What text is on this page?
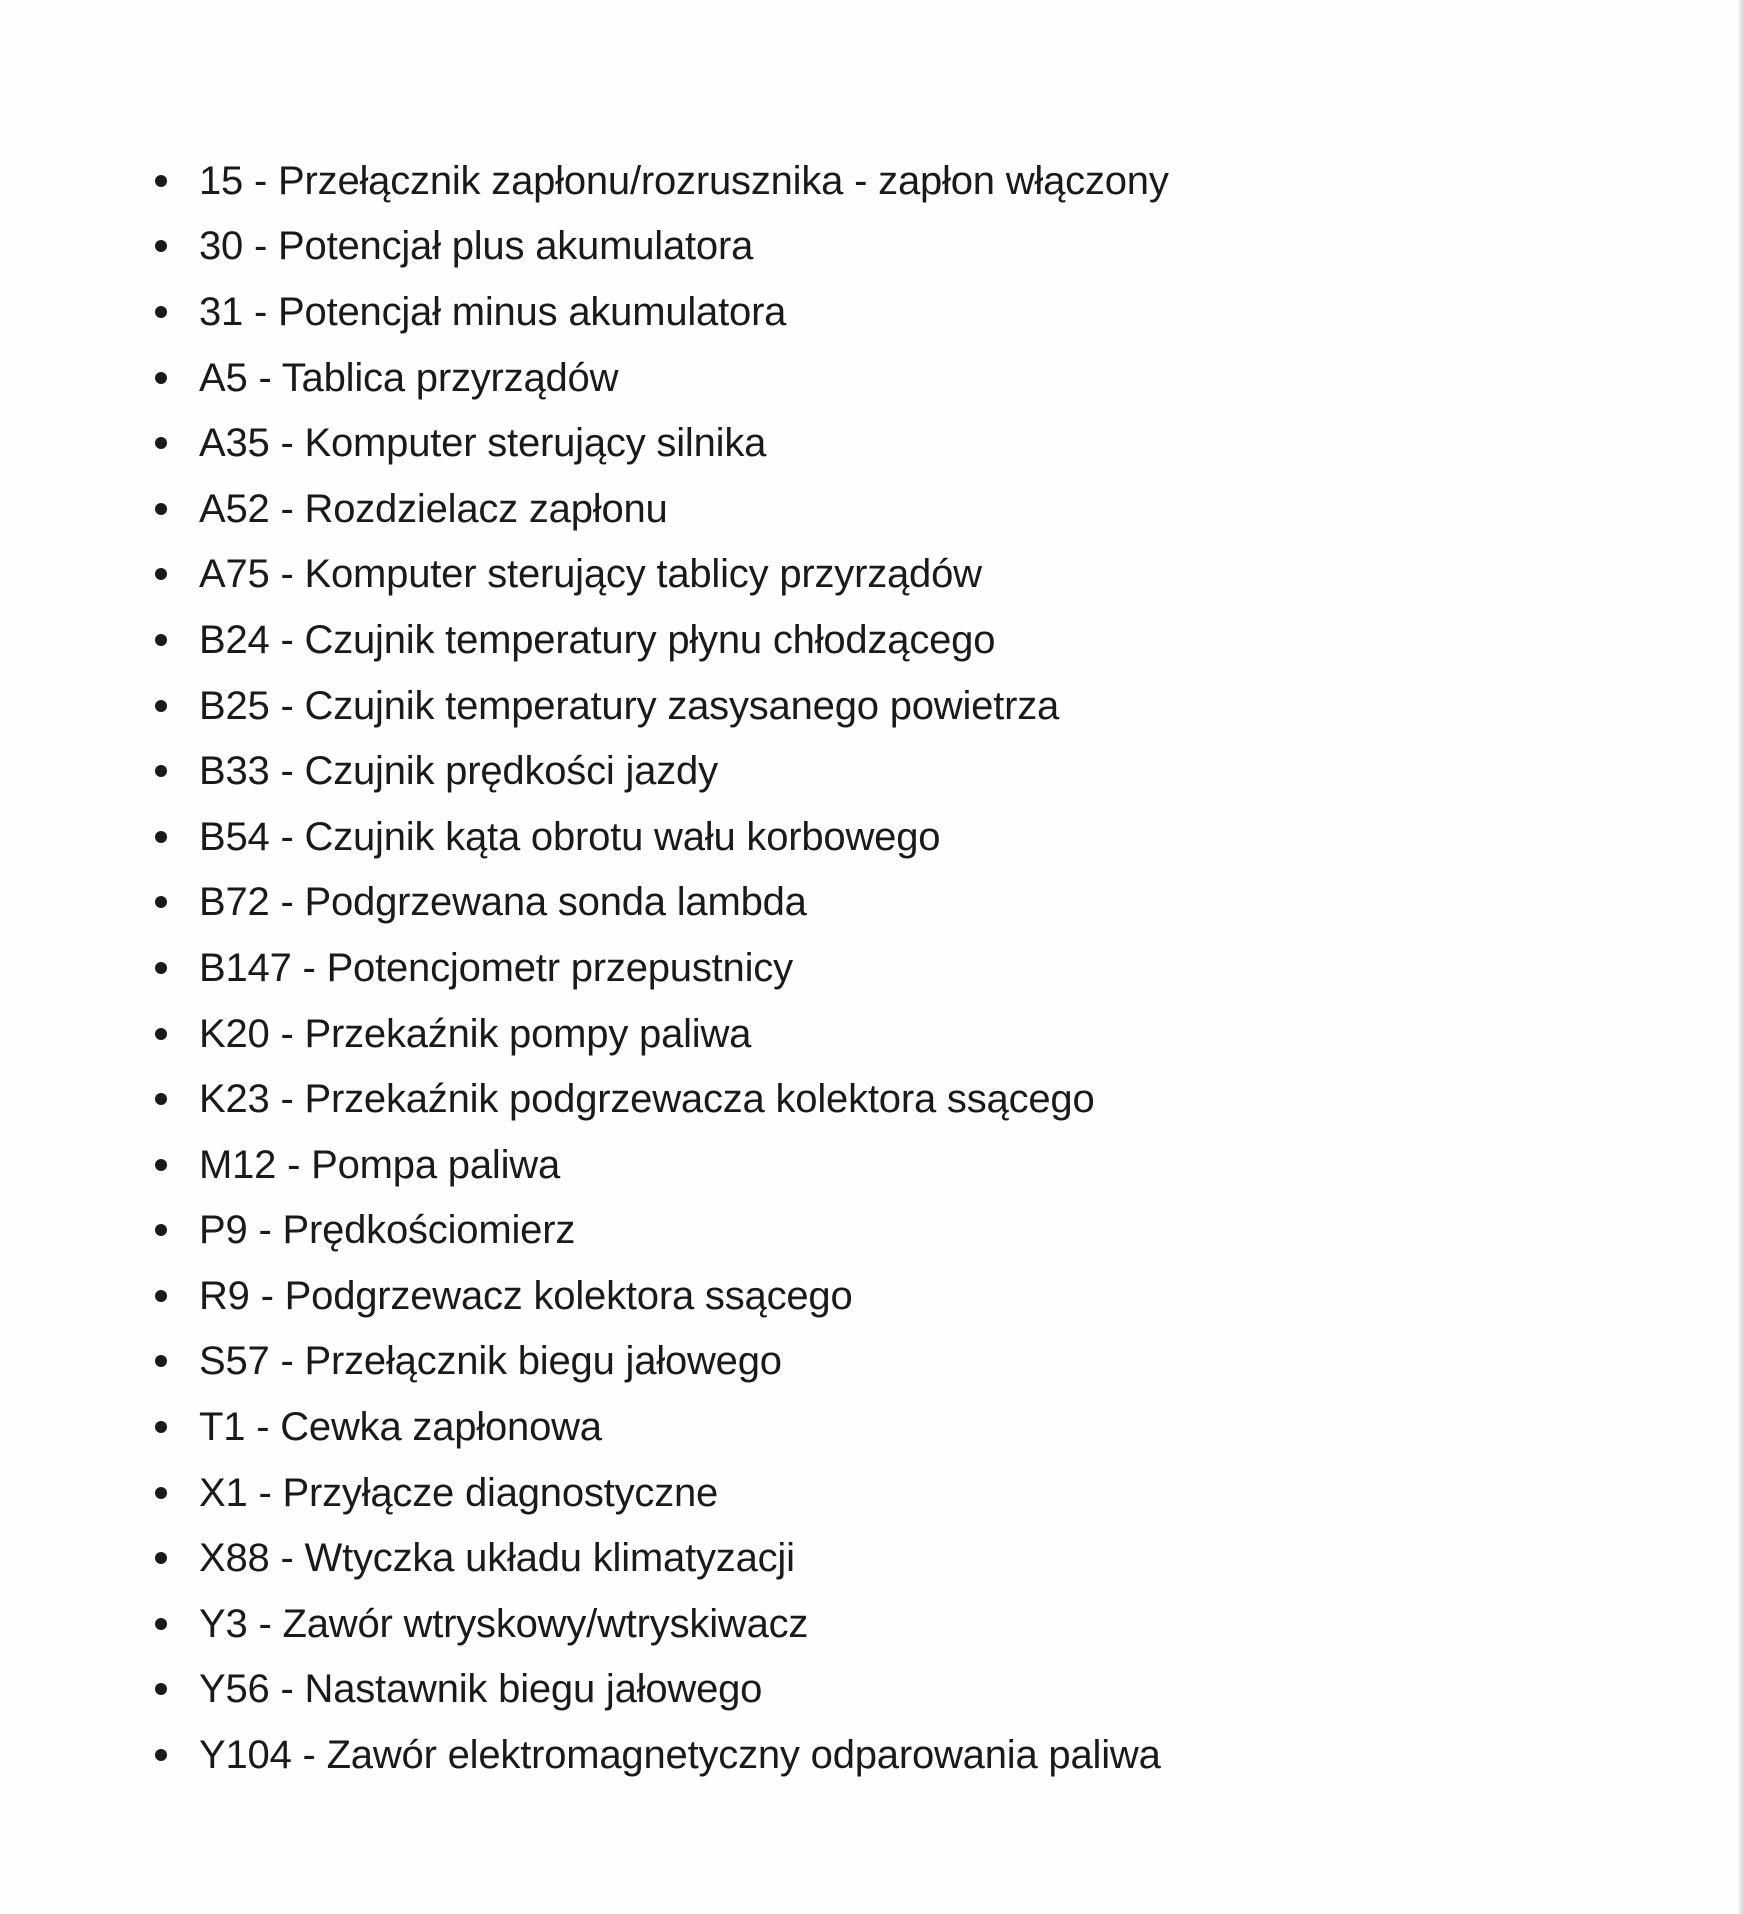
15 - Przełącznik zapłonu/rozrusznika - zapłon włączony
30 - Potencjał plus akumulatora
31 - Potencjał minus akumulatora
A5 - Tablica przyrządów
A35 - Komputer sterujący silnika
A52 - Rozdzielacz zapłonu
A75 - Komputer sterujący tablicy przyrządów
B24 - Czujnik temperatury płynu chłodzącego
B25 - Czujnik temperatury zasysanego powietrza
B33 - Czujnik prędkości jazdy
B54 - Czujnik kąta obrotu wału korbowego
B72 - Podgrzewana sonda lambda
B147 - Potencjometr przepustnicy
K20 - Przekaźnik pompy paliwa
K23 - Przekaźnik podgrzewacza kolektora ssącego
M12 - Pompa paliwa
P9 - Prędkościomierz
R9 - Podgrzewacz kolektora ssącego
S57 - Przełącznik biegu jałowego
T1 - Cewka zapłonowa
X1 - Przyłącze diagnostyczne
X88 - Wtyczka układu klimatyzacji
Y3 - Zawór wtryskowy/wtryskiwacz
Y56 - Nastawnik biegu jałowego
Y104 - Zawór elektromagnetyczny odparowania paliwa
